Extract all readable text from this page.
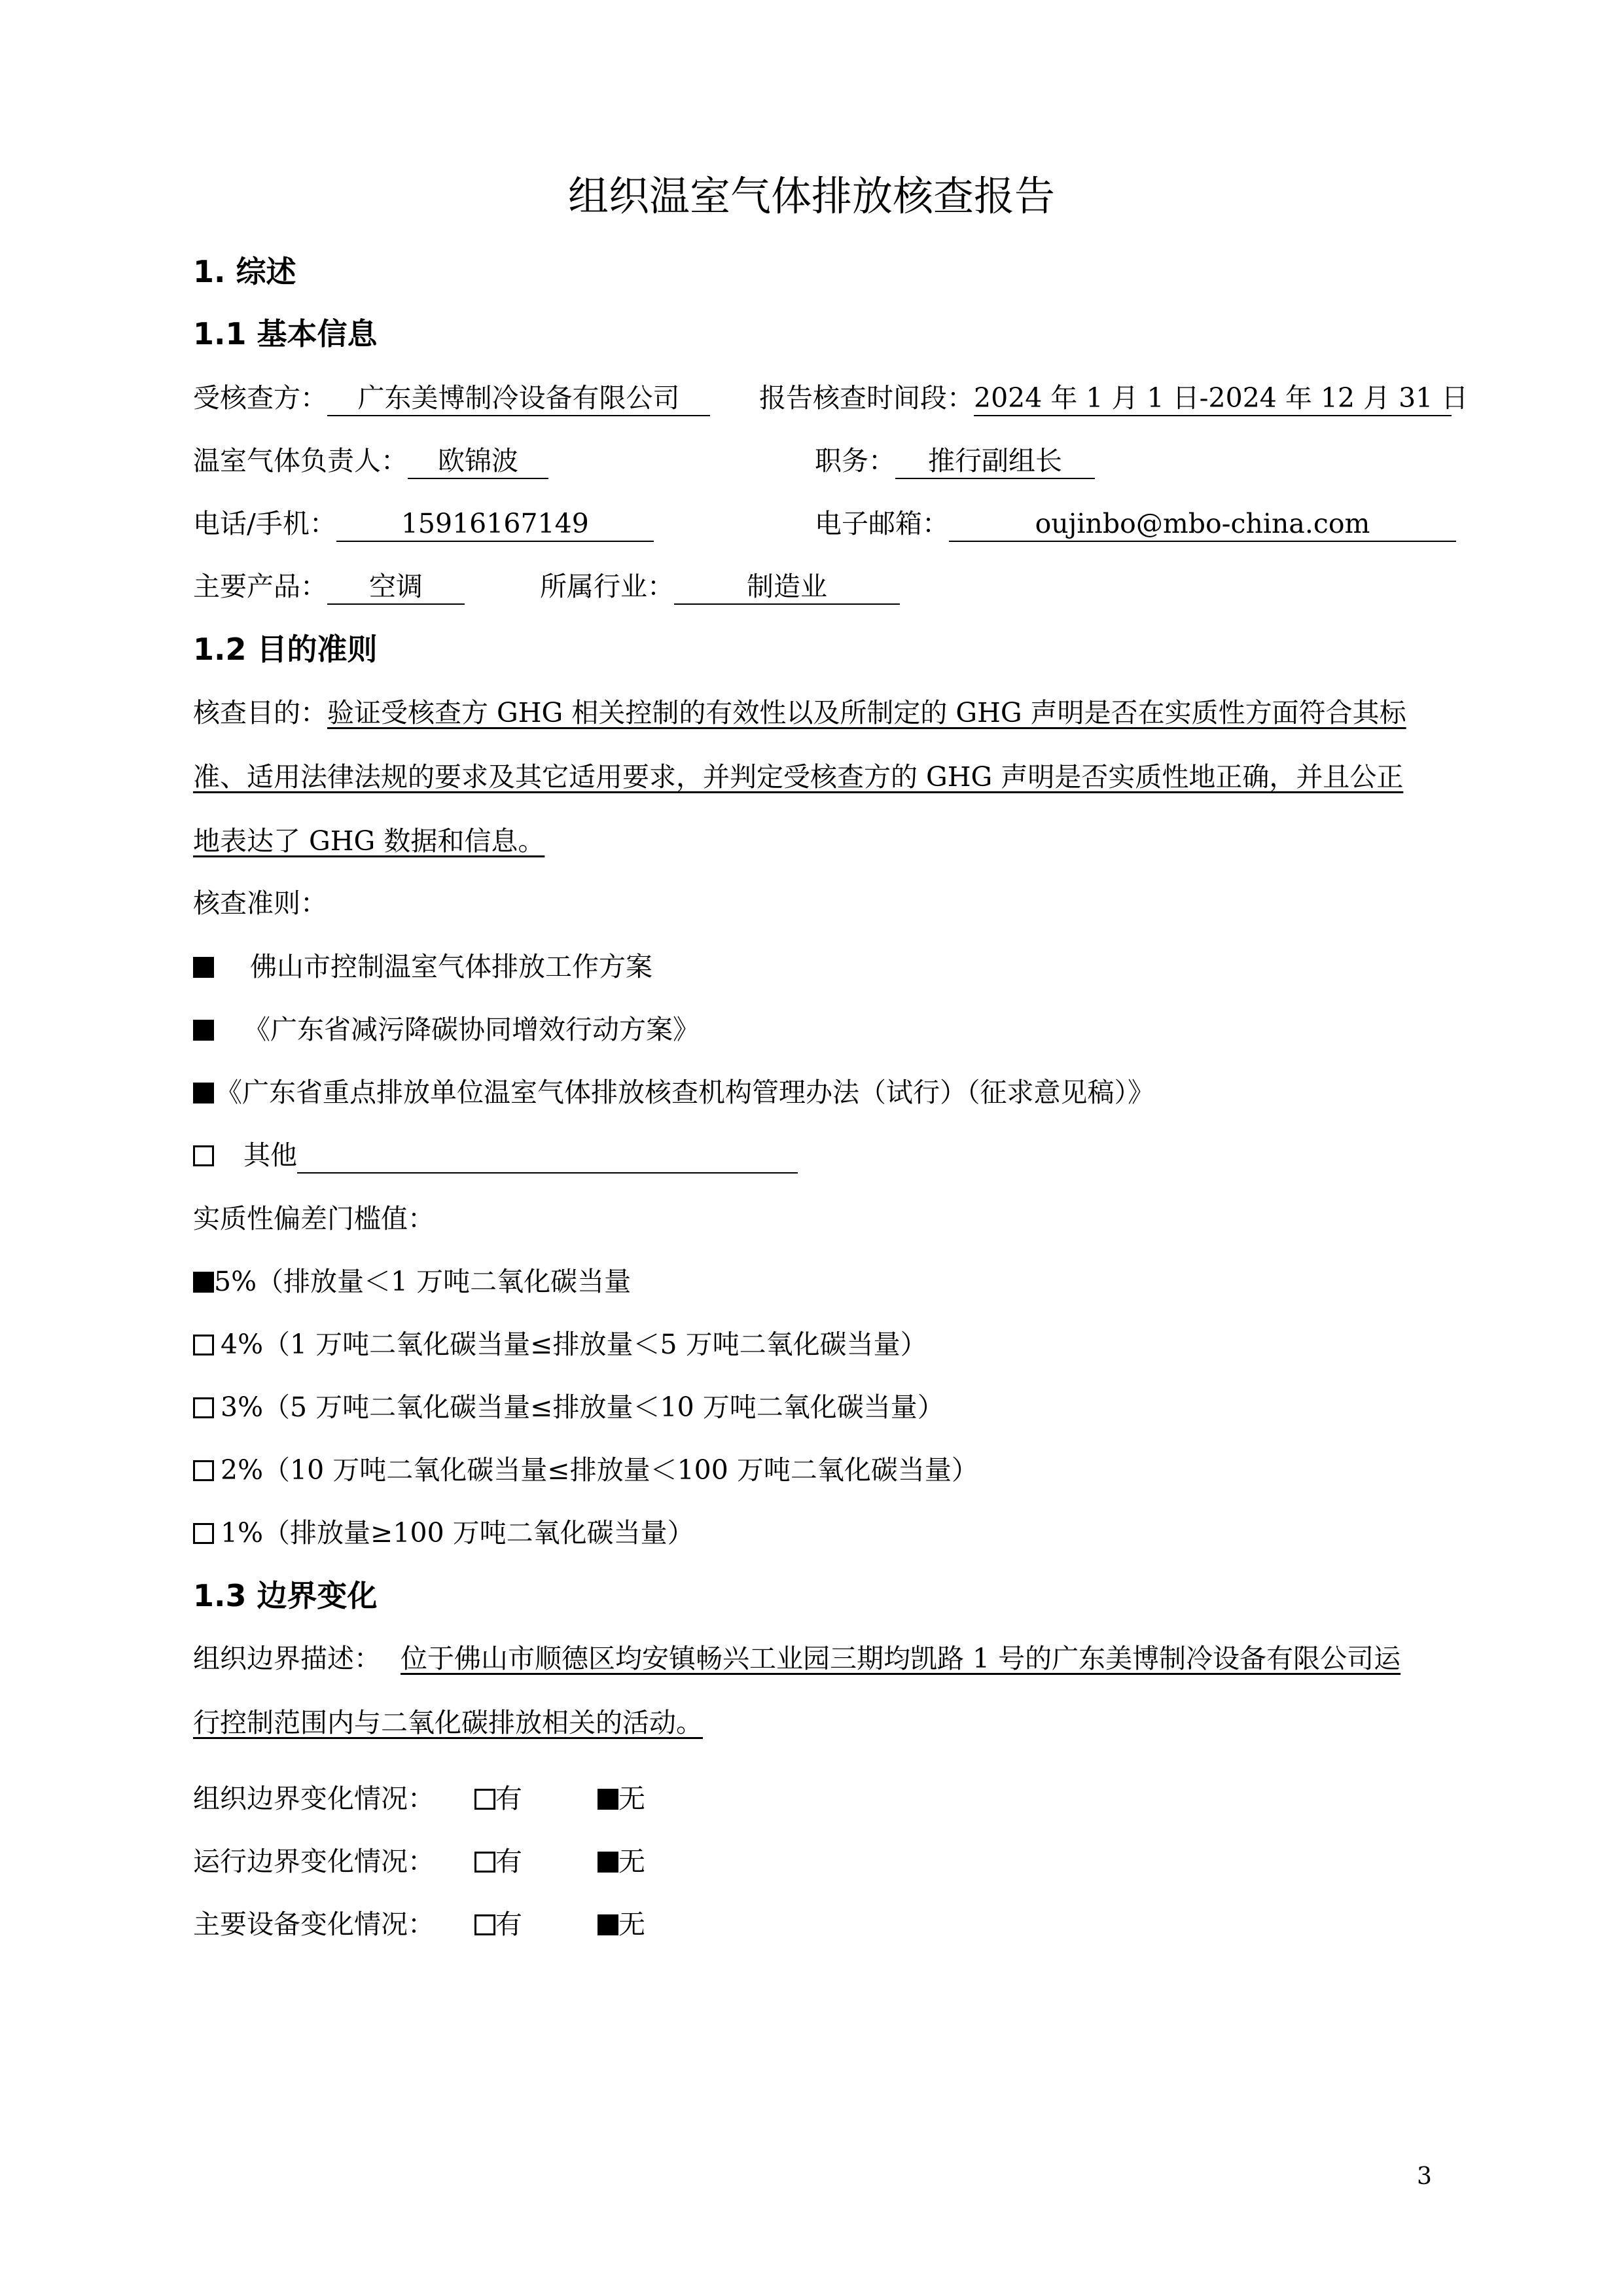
组织温室气体排放核查报告
1. 综述
1.1 基本信息
受核查方： 广东美博制冷设备有限公司	报告核查时间段：2024 年 1 月 1 日-2024 年 12 月 31 日
温室气体负责人： 欧锦波	职务： 推行副组长
电话/手机： 15916167149	电子邮箱：	oujinbo@mbo-china.com
主要产品： 空调	所属行业：	制造业
1.2 目的准则
核查目的：验证受核查方 GHG 相关控制的有效性以及所制定的 GHG 声明是否在实质性方面符合其标
准、适用法律法规的要求及其它适用要求，并判定受核查方的 GHG 声明是否实质性地正确，并且公正
地表达了 GHG 数据和信息。
核查准则：
佛山市控制温室气体排放工作方案
《广东省减污降碳协同增效行动方案》
《广东省重点排放单位温室气体排放核查机构管理办法（试行）（征求意见稿）》
其他
实质性偏差门槛值：
5%（排放量＜1 万吨二氧化碳当量
4%（1 万吨二氧化碳当量≤排放量＜5 万吨二氧化碳当量）
3%（5 万吨二氧化碳当量≤排放量＜10 万吨二氧化碳当量）
2%（10 万吨二氧化碳当量≤排放量＜100 万吨二氧化碳当量）
1%（排放量≥100 万吨二氧化碳当量）
1.3 边界变化
组织边界描述： 位于佛山市顺德区均安镇畅兴工业园三期均凯路 1 号的广东美博制冷设备有限公司运
行控制范围内与二氧化碳排放相关的活动。
组织边界变化情况： 有	无
运行边界变化情况： 有	无
主要设备变化情况： 有	无
3
